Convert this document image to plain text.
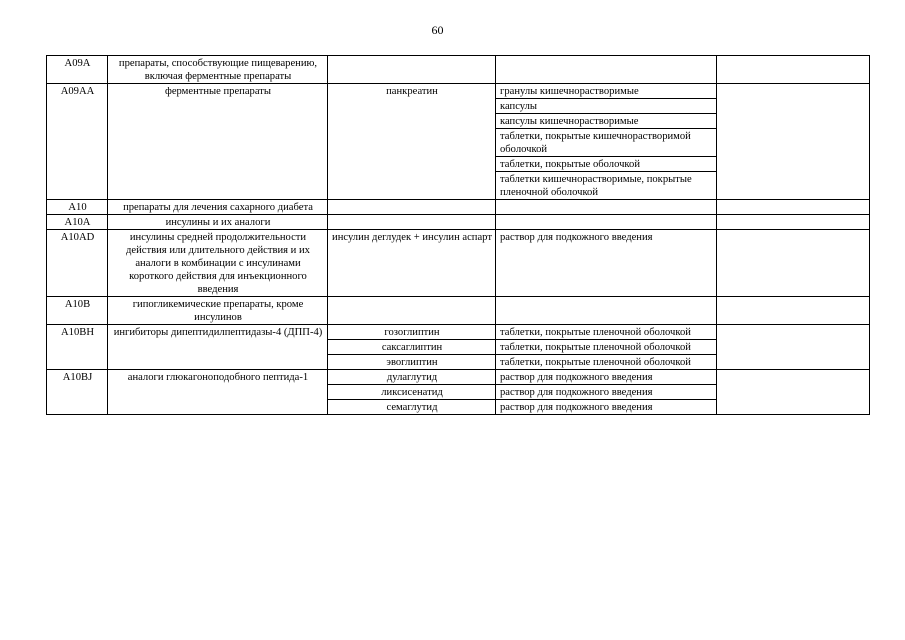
60
A09A	препараты, способствующие пищеварению, включая ферментные препараты			
A09AA	ферментные препараты	панкреатин	гранулы кишечнорастворимые	
			капсулы	
			капсулы кишечнорастворимые	
			таблетки, покрытые кишечнорастворимой оболочкой	
			таблетки, покрытые оболочкой	
			таблетки кишечнорастворимые, покрытые пленочной оболочкой	
A10	препараты для лечения сахарного диабета			
A10A	инсулины и их аналоги			
A10AD	инсулины средней продолжительности действия или длительного действия и их аналоги в комбинации с инсулинами короткого действия для инъекционного введения	инсулин деглудек + инсулин аспарт	раствор для подкожного введения	
A10B	гипогликемические препараты, кроме инсулинов			
A10BH	ингибиторы дипептидилпептидазы-4 (ДПП-4)	гозоглиптин	таблетки, покрытые пленочной оболочкой	
		саксаглиптин	таблетки, покрытые пленочной оболочкой	
		эвоглиптин	таблетки, покрытые пленочной оболочкой	
A10BJ	аналоги глюкагоноподобного пептида-1	дулаглутид	раствор для подкожного введения	
		ликсисенатид	раствор для подкожного введения	
		семаглутид	раствор для подкожного введения	
